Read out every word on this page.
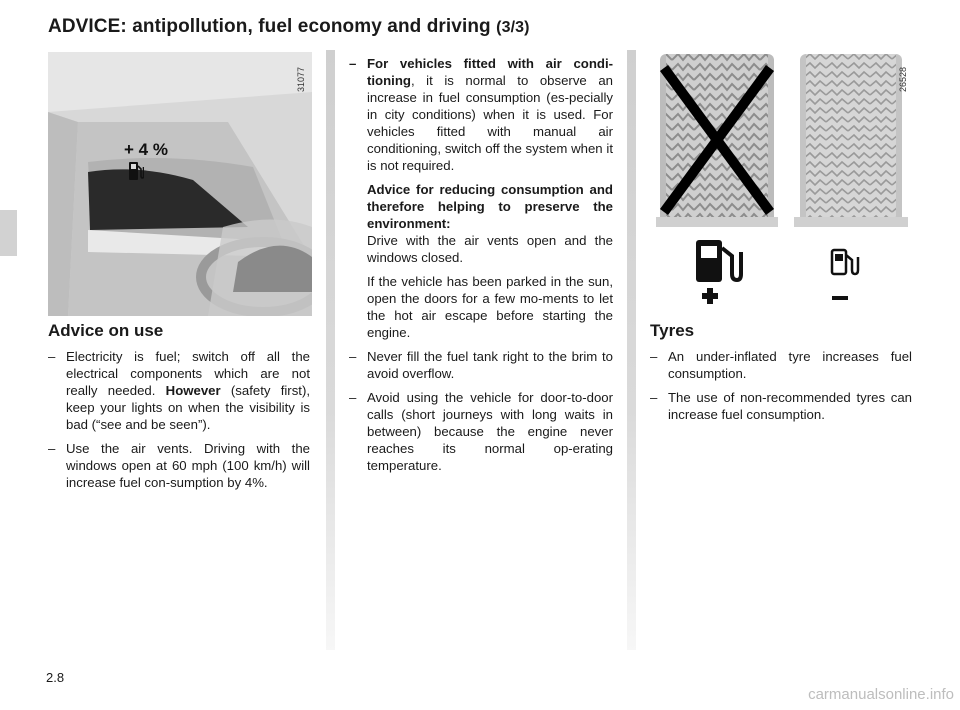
ADVICE: antipollution, fuel economy and driving (3/3)
+ 4 %
31077
Advice on use
– Electricity is fuel; switch off all the electrical components which are not really needed. However (safety first), keep your lights on when the visibility is bad (“see and be seen”).
– Use the air vents. Driving with the windows open at 60 mph (100 km/h) will increase fuel con-sumption by 4%.
– For vehicles fitted with air condi-tioning, it is normal to observe an increase in fuel consumption (es-pecially in city conditions) when it is used. For vehicles fitted with manual air conditioning, switch off the system when it is not required.
Advice for reducing consumption and therefore helping to preserve the environment:
Drive with the air vents open and the windows closed.
If the vehicle has been parked in the sun, open the doors for a few mo-ments to let the hot air escape before starting the engine.
– Never fill the fuel tank right to the brim to avoid overflow.
– Avoid using the vehicle for door-to-door calls (short journeys with long waits in between) because the engine never reaches its normal op-erating temperature.
26528
Tyres
– An under-inflated tyre increases fuel consumption.
– The use of non-recommended tyres can increase fuel consumption.
2.8
carmanualsonline.info
